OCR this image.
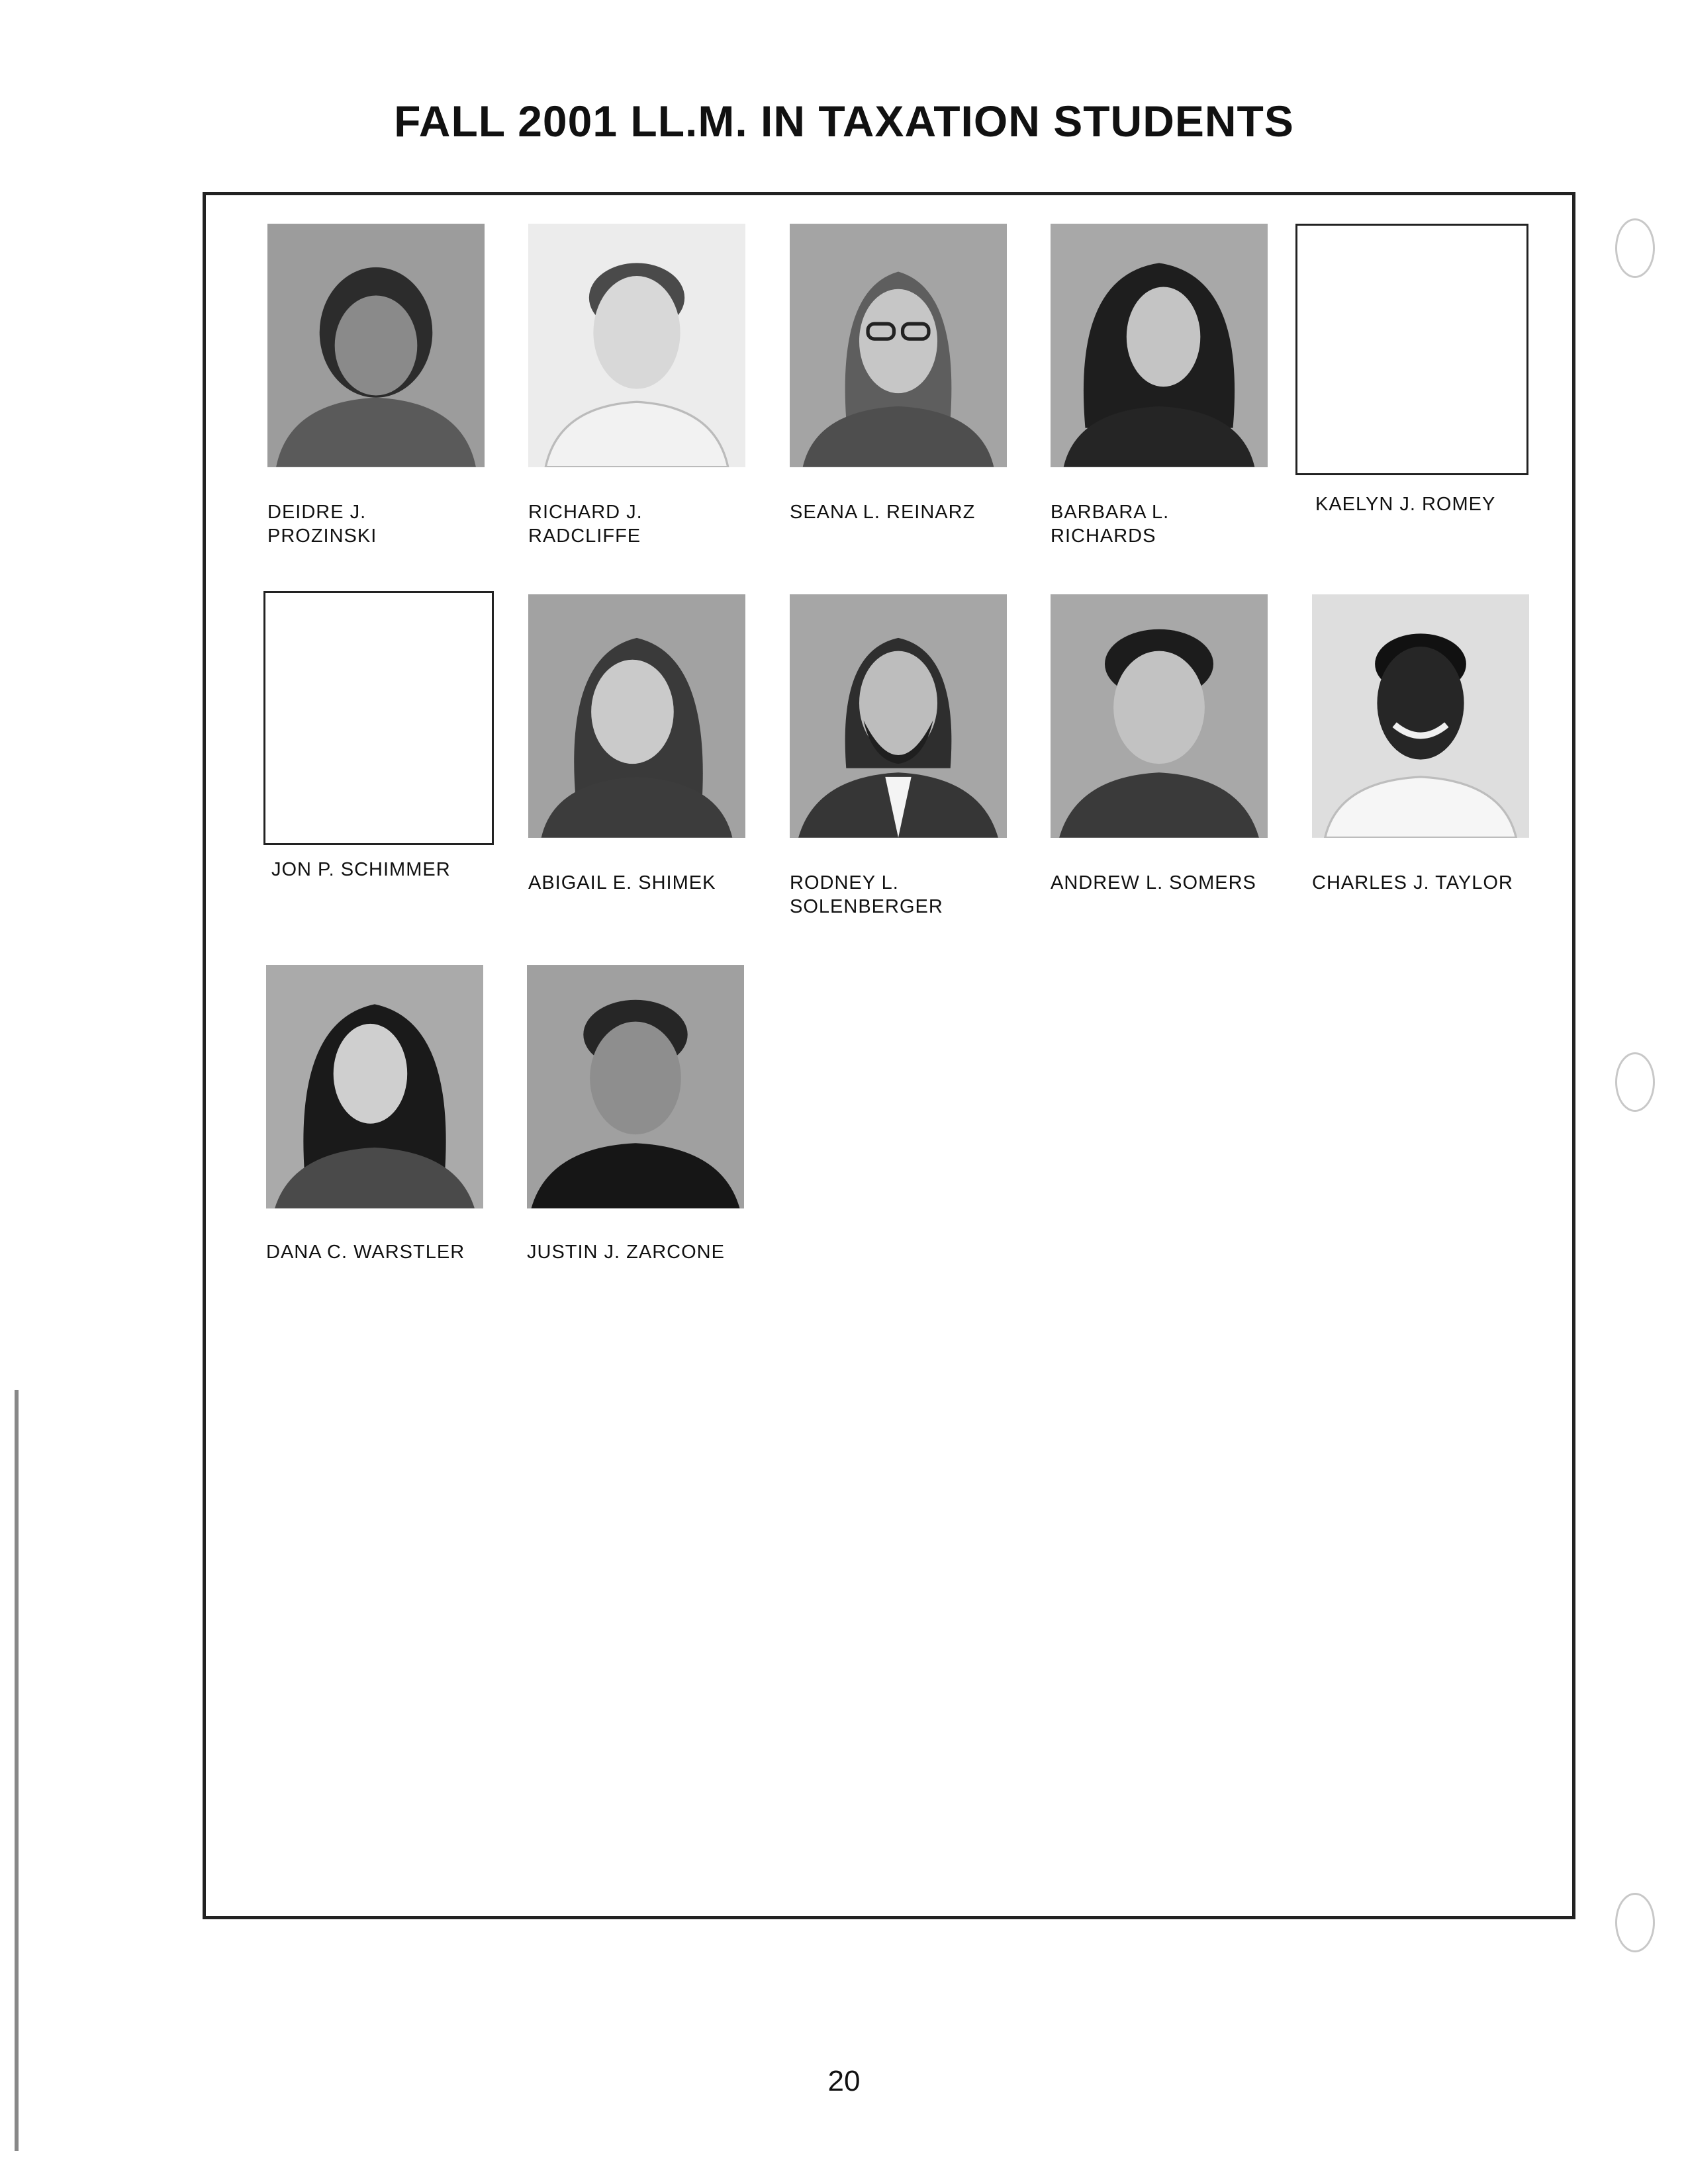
FALL 2001 LL.M. IN TAXATION STUDENTS
DEIDRE J.
PROZINSKI
RICHARD J.
RADCLIFFE
SEANA L. REINARZ	BARBARA L.
RICHARDS
KAELYN J. ROMEY
JON P. SCHIMMER
ABIGAIL E. SHIMEK	RODNEY L.
SOLENBERGER
ANDREW L. SOMERS	CHARLES J. TAYLOR
DANA C. WARSTLER	JUSTIN J. ZARCONE
20
